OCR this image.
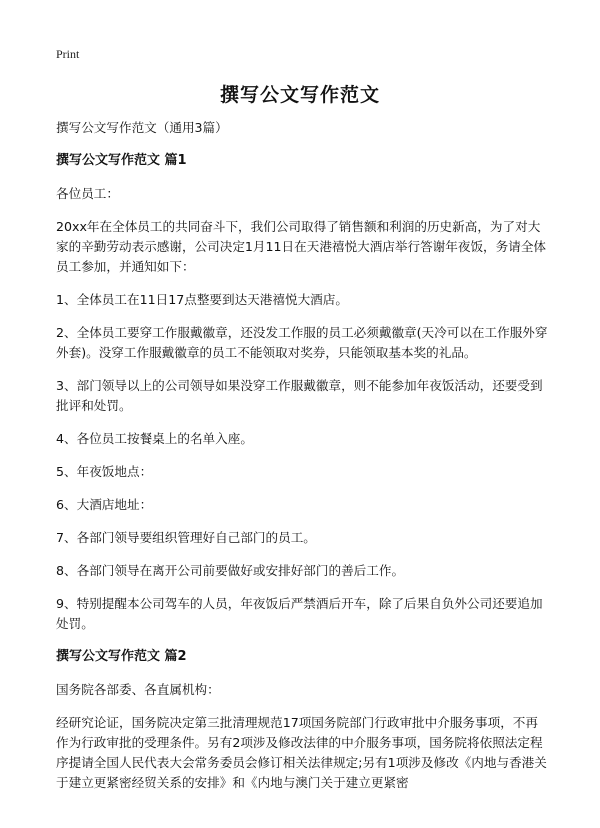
Print
撰写公文写作范文

撰写公文写作范文（通用3篇）

撰写公文写作范文 篇1

各位员工：

20xx年在全体员工的共同奋斗下，我们公司取得了销售额和利润的历史新高，为了对大家的辛勤劳动表示感谢，公司决定1月11日在天港禧悦大酒店举行答谢年夜饭，务请全体员工参加，并通知如下：

1、全体员工在11日17点整要到达天港禧悦大酒店。

2、全体员工要穿工作服戴徽章，还没发工作服的员工必须戴徽章(天冷可以在工作服外穿外套)。没穿工作服戴徽章的员工不能领取对奖券，只能领取基本奖的礼品。

3、部门领导以上的公司领导如果没穿工作服戴徽章，则不能参加年夜饭活动，还要受到批评和处罚。

4、各位员工按餐桌上的名单入座。

5、年夜饭地点：

6、大酒店地址：

7、各部门领导要组织管理好自己部门的员工。

8、各部门领导在离开公司前要做好或安排好部门的善后工作。

9、特别提醒本公司驾车的人员，年夜饭后严禁酒后开车，除了后果自负外公司还要追加处罚。

撰写公文写作范文 篇2

国务院各部委、各直属机构：

经研究论证，国务院决定第三批清理规范17项国务院部门行政审批中介服务事项，不再作为行政审批的受理条件。另有2项涉及修改法律的中介服务事项，国务院将依照法定程序提请全国人民代表大会常务委员会修订相关法律规定;另有1项涉及修改《内地与香港关于建立更紧密经贸关系的安排》和《内地与澳门关于建立更紧密
